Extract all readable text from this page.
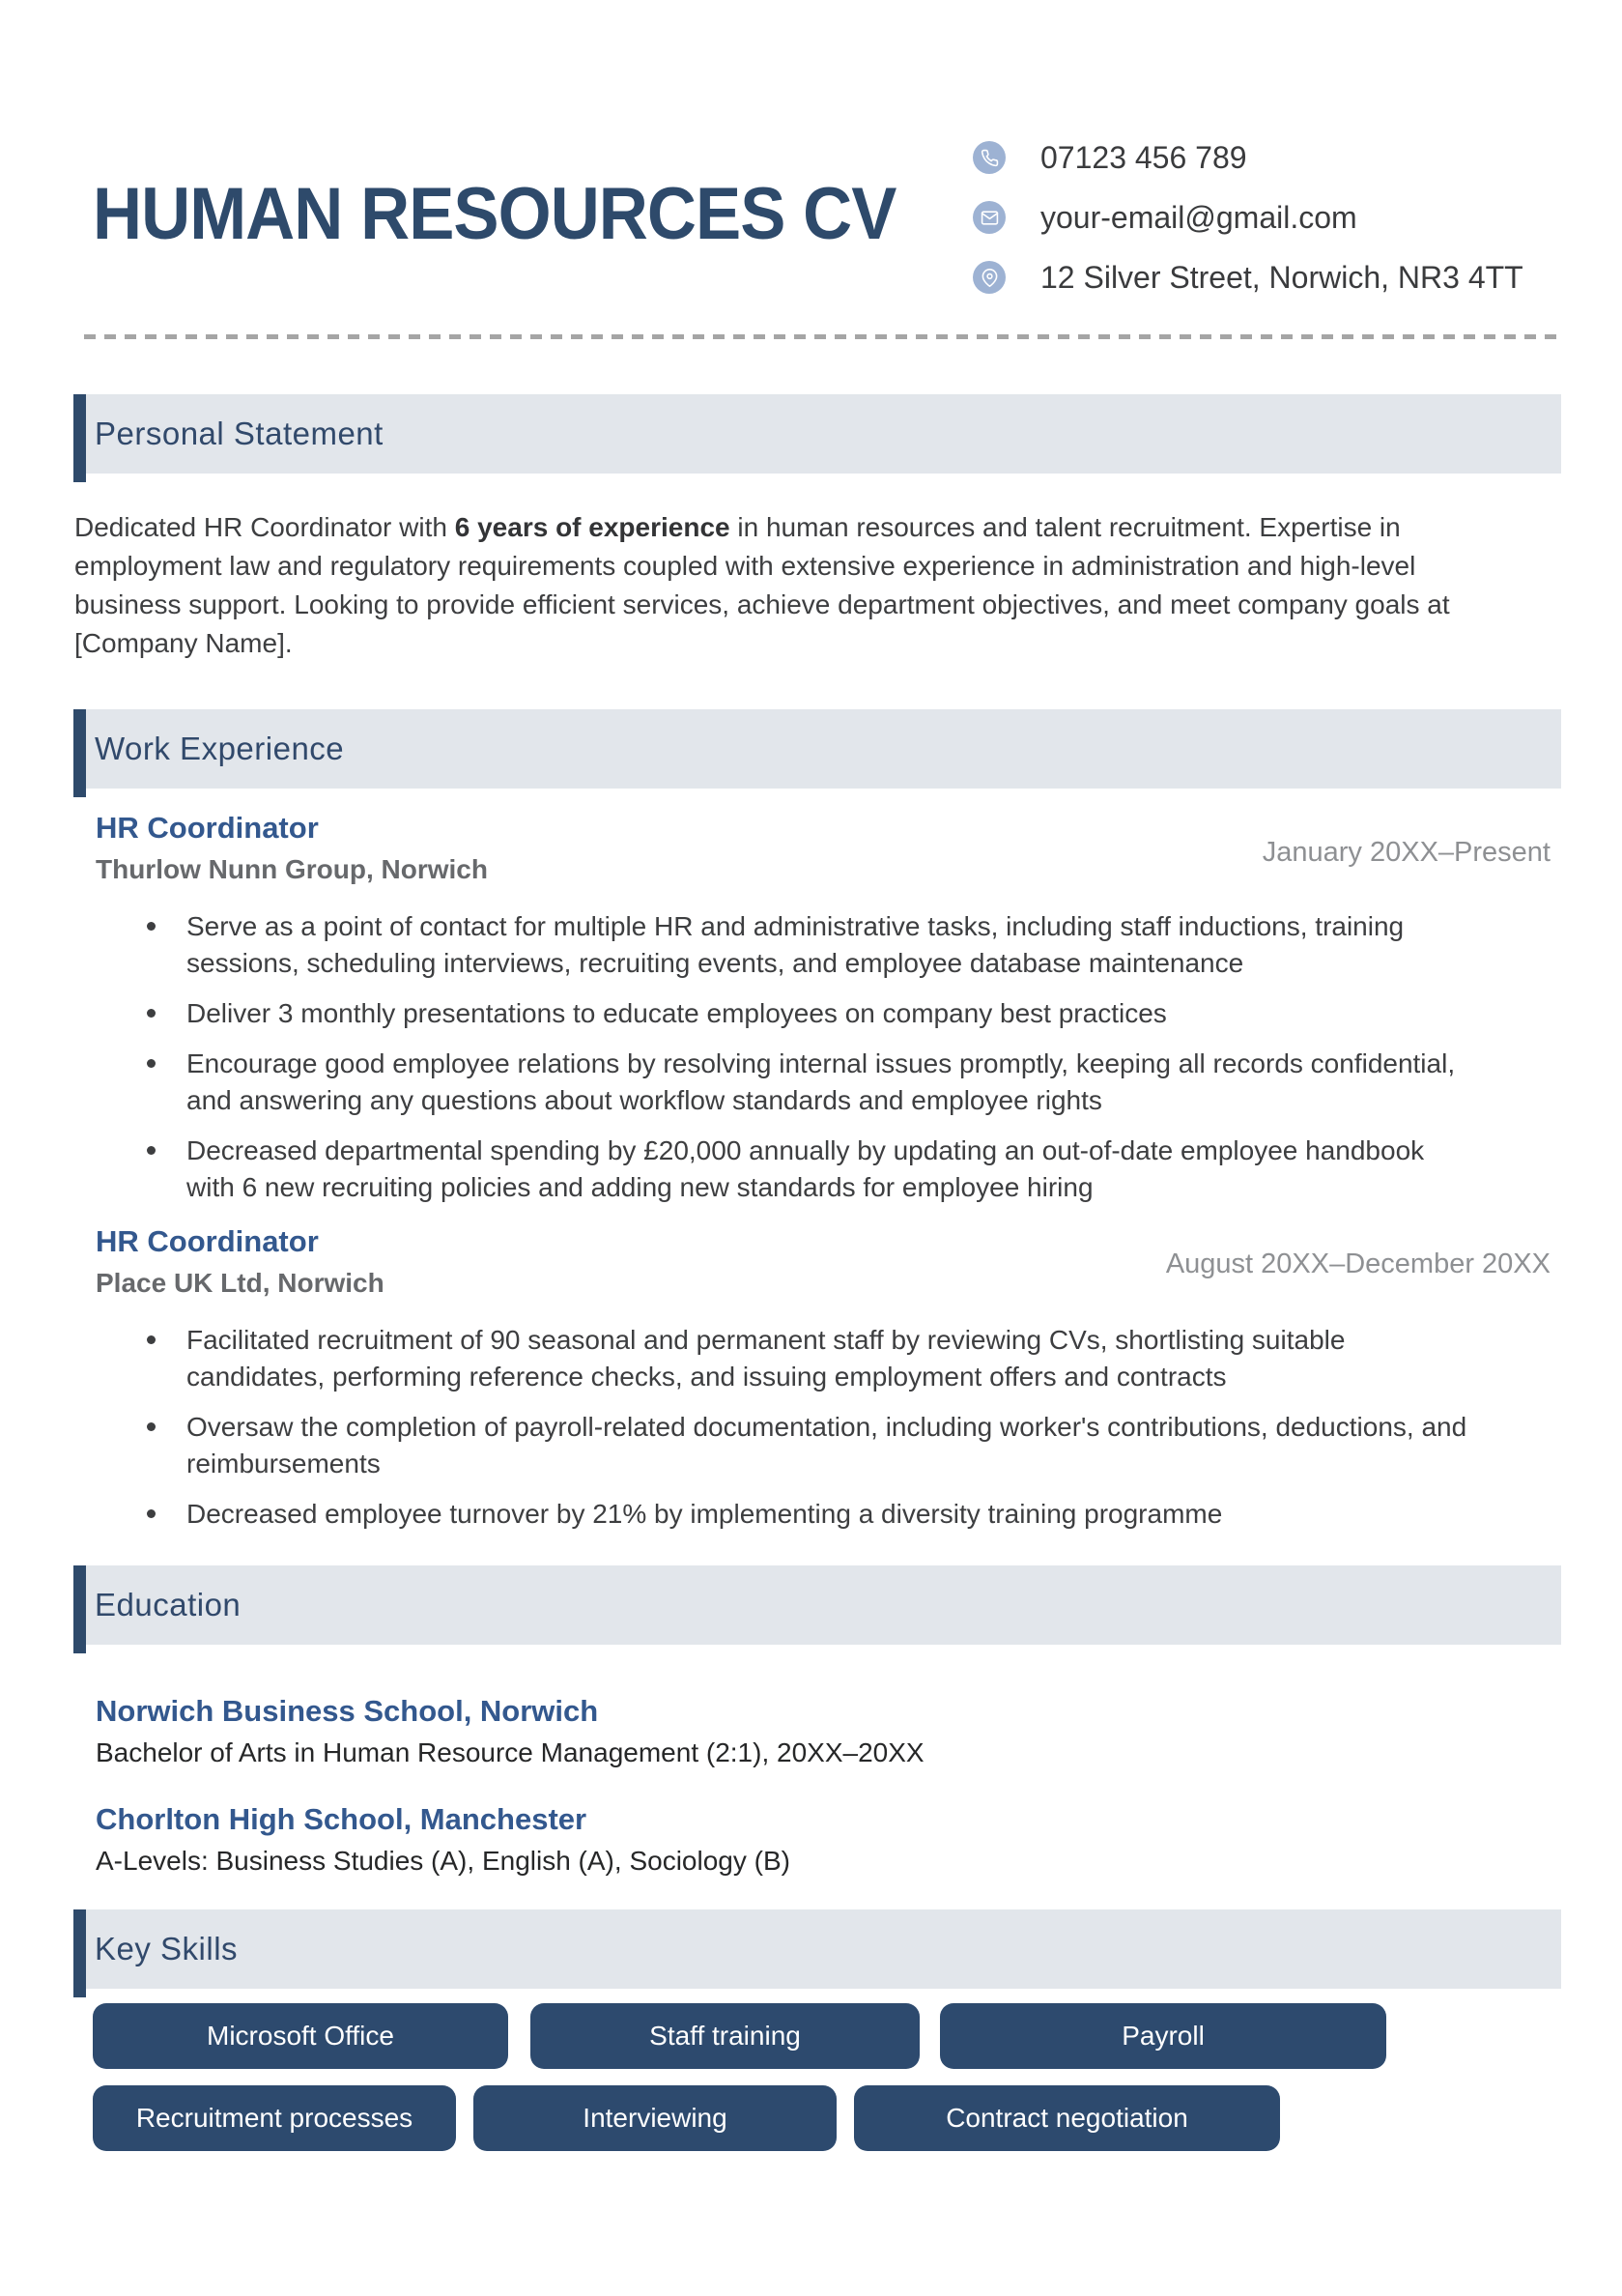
HUMAN RESOURCES CV
07123 456 789
your-email@gmail.com
12 Silver Street, Norwich, NR3 4TT
Personal Statement

Dedicated HR Coordinator with 6 years of experience in human resources and talent recruitment. Expertise in employment law and regulatory requirements coupled with extensive experience in administration and high-level business support. Looking to provide efficient services, achieve department objectives, and meet company goals at [Company Name].

Work Experience
HR Coordinator
Thurlow Nunn Group, Norwich
Serve as a point of contact for multiple HR and administrative tasks, including staff inductions, training sessions, scheduling interviews, recruiting events, and employee database maintenance
Deliver 3 monthly presentations to educate employees on company best practices
Encourage good employee relations by resolving internal issues promptly, keeping all records confidential, and answering any questions about workflow standards and employee rights
Decreased departmental spending by £20,000 annually by updating an out-of-date employee handbook with 6 new recruiting policies and adding new standards for employee hiring
January 20XX–Present
HR Coordinator
Place UK Ltd, Norwich
Facilitated recruitment of 90 seasonal and permanent staff by reviewing CVs, shortlisting suitable candidates, performing reference checks, and issuing employment offers and contracts
Oversaw the completion of payroll-related documentation, including worker's contributions, deductions, and reimbursements
Decreased employee turnover by 21% by implementing a diversity training programme
August 20XX–December 20XX
Education
Norwich Business School, Norwich
Bachelor of Arts in Human Resource Management (2:1), 20XX–20XX
Chorlton High School, Manchester
A-Levels: Business Studies (A), English (A), Sociology (B)
Key Skills
Microsoft Office	Staff training	Payroll
Recruitment processes	Interviewing	Contract negotiation
